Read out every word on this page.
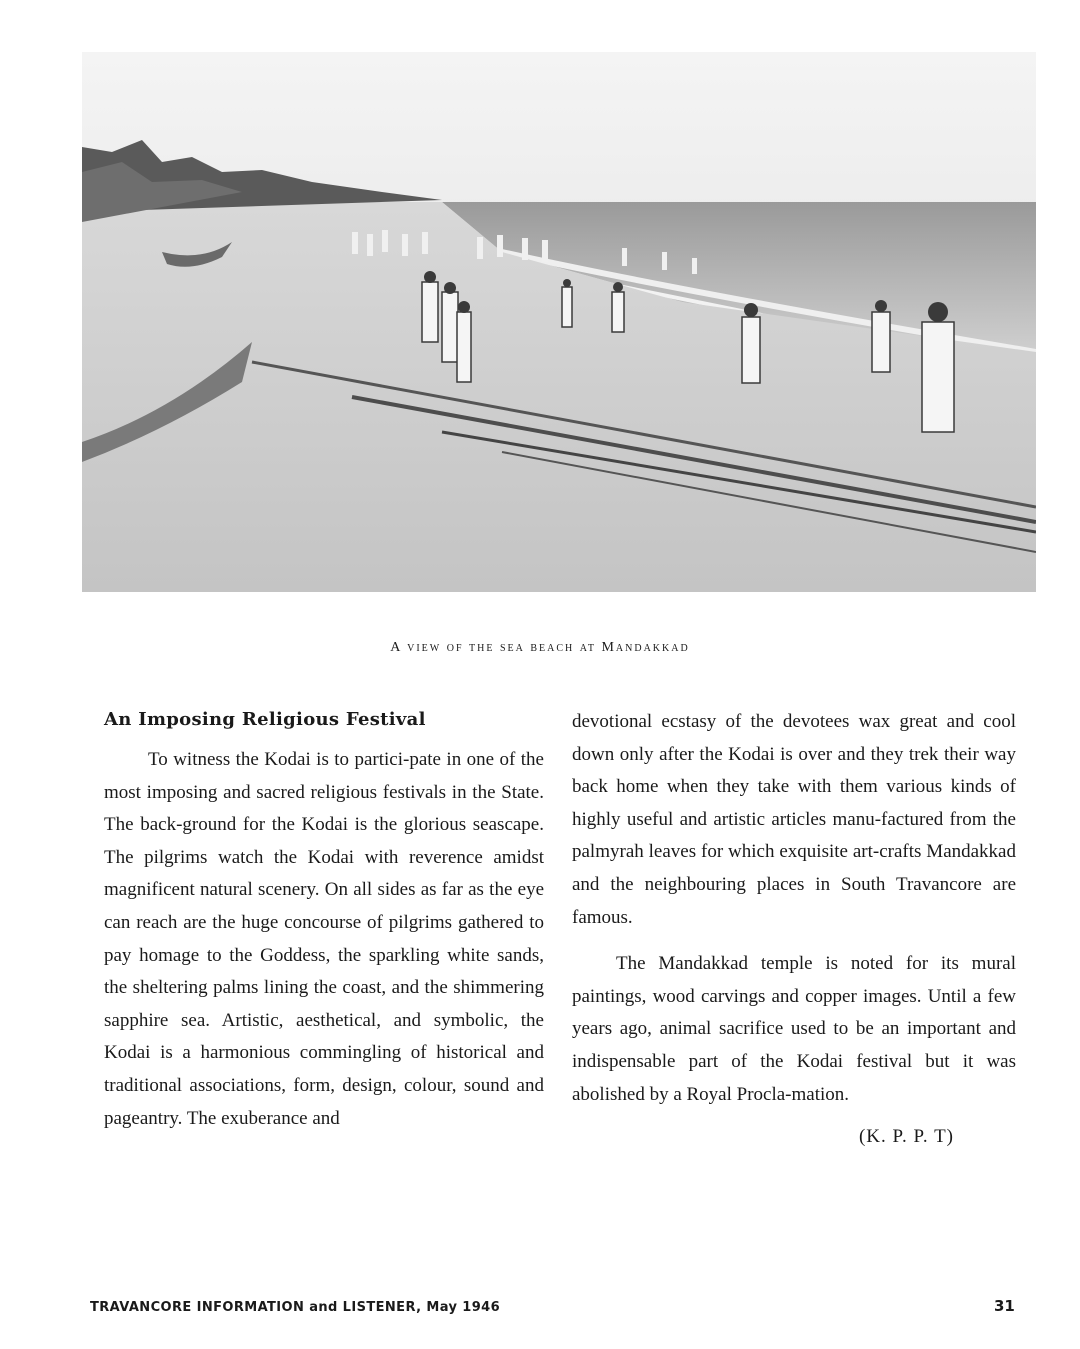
A view of the sea beach at Mandakkad
An Imposing Religious Festival

To witness the Kodai is to partici-pate in one of the most imposing and sacred religious festivals in the State. The back-ground for the Kodai is the glorious seascape. The pilgrims watch the Kodai with reverence amidst magnificent natural scenery. On all sides as far as the eye can reach are the huge concourse of pilgrims gathered to pay homage to the Goddess, the sparkling white sands, the sheltering palms lining the coast, and the shimmering sapphire sea. Artistic, aesthetical, and symbolic, the Kodai is a harmonious commingling of historical and traditional associations, form, design, colour, sound and pageantry. The exuberance and

devotional ecstasy of the devotees wax great and cool down only after the Kodai is over and they trek their way back home when they take with them various kinds of highly useful and artistic articles manu-factured from the palmyrah leaves for which exquisite art-crafts Mandakkad and the neighbouring places in South Travancore are famous.

The Mandakkad temple is noted for its mural paintings, wood carvings and copper images. Until a few years ago, animal sacrifice used to be an important and indispensable part of the Kodai festival but it was abolished by a Royal Procla-mation.

(K. P. P. T)
TRAVANCORE INFORMATION and LISTENER, May 1946	31
